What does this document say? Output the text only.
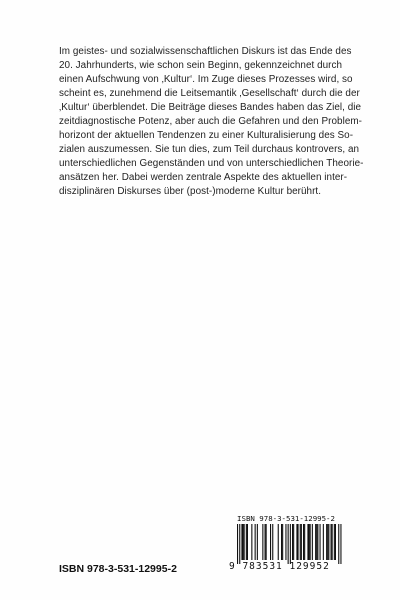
Im geistes- und sozialwissenschaftlichen Diskurs ist das Ende des
20. Jahrhunderts, wie schon sein Beginn, gekennzeichnet durch
einen Aufschwung von ‚Kultur‘. Im Zuge dieses Prozesses wird, so
scheint es, zunehmend die Leitsemantik ‚Gesellschaft‘ durch die der
‚Kultur‘ überblendet. Die Beiträge dieses Bandes haben das Ziel, die
zeitdiagnostische Potenz, aber auch die Gefahren und den Problem-
horizont der aktuellen Tendenzen zu einer Kulturalisierung des So-
zialen auszumessen. Sie tun dies, zum Teil durchaus kontrovers, an
unterschiedlichen Gegenständen und von unterschiedlichen Theorie-
ansätzen her. Dabei werden zentrale Aspekte des aktuellen inter-
disziplinären Diskurses über (post-)moderne Kultur berührt.
ISBN 978-3-531-12995-2
ISBN 978-3-531-12995-2
9 783531 129952
